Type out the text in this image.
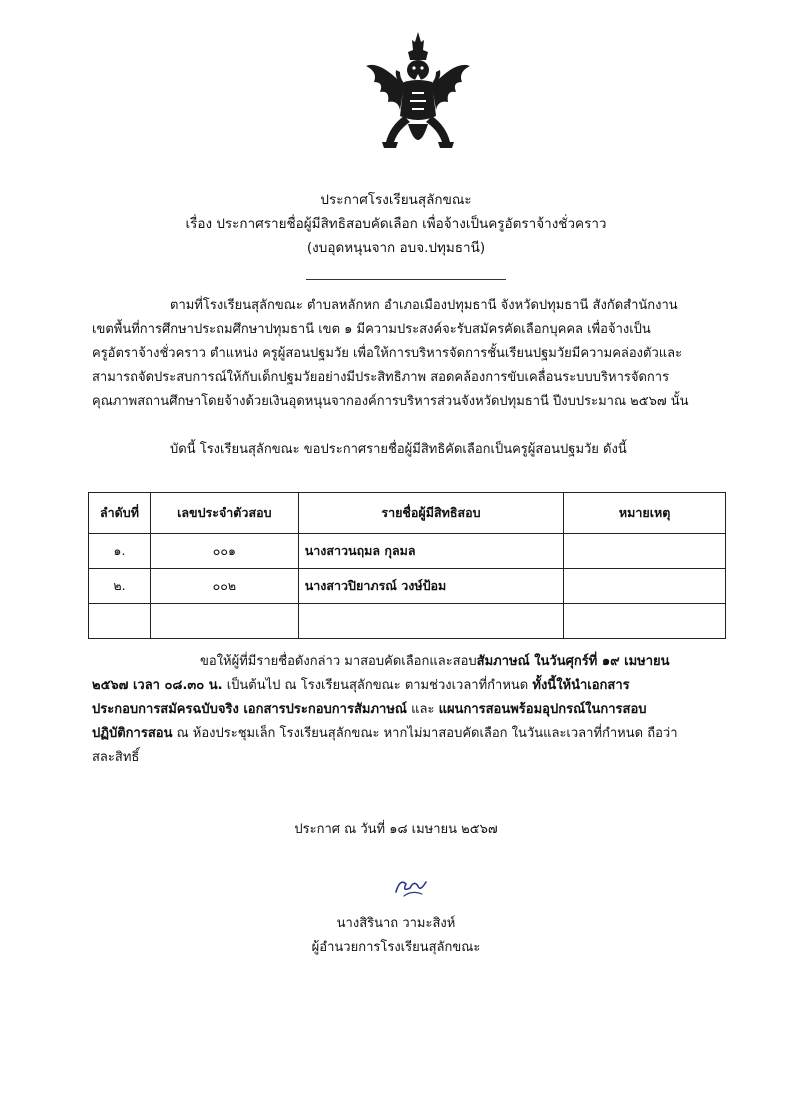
ประกาศโรงเรียนสุลักขณะ
เรื่อง ประกาศรายชื่อผู้มีสิทธิสอบคัดเลือก เพื่อจ้างเป็นครูอัตราจ้างชั่วคราว
(งบอุดหนุนจาก อบจ.ปทุมธานี)
ตามที่โรงเรียนสุลักขณะ ตำบลหลักหก อำเภอเมืองปทุมธานี จังหวัดปทุมธานี สังกัดสำนักงาน
เขตพื้นที่การศึกษาประถมศึกษาปทุมธานี เขต ๑ มีความประสงค์จะรับสมัครคัดเลือกบุคคล เพื่อจ้างเป็น
ครูอัตราจ้างชั่วคราว ตำแหน่ง ครูผู้สอนปฐมวัย เพื่อให้การบริหารจัดการชั้นเรียนปฐมวัยมีความคล่องตัวและ
สามารถจัดประสบการณ์ให้กับเด็กปฐมวัยอย่างมีประสิทธิภาพ สอดคล้องการขับเคลื่อนระบบบริหารจัดการ
คุณภาพสถานศึกษาโดยจ้างด้วยเงินอุดหนุนจากองค์การบริหารส่วนจังหวัดปทุมธานี ปีงบประมาณ ๒๕๖๗ นั้น
บัดนี้ โรงเรียนสุลักขณะ ขอประกาศรายชื่อผู้มีสิทธิคัดเลือกเป็นครูผู้สอนปฐมวัย ดังนี้
ลำดับที่	เลขประจำตัวสอบ	รายชื่อผู้มีสิทธิสอบ	หมายเหตุ
๑.	๐๐๑	นางสาวนฤมล กุลมล	
๒.	๐๐๒	นางสาวปิยาภรณ์ วงษ์ป้อม	

ขอให้ผู้ที่มีรายชื่อดังกล่าว มาสอบคัดเลือกและสอบสัมภาษณ์ ในวันศุกร์ที่ ๑๙ เมษายน
๒๕๖๗ เวลา ๐๘.๓๐ น. เป็นต้นไป ณ โรงเรียนสุลักขณะ ตามช่วงเวลาที่กำหนด ทั้งนี้ให้นำเอกสาร
ประกอบการสมัครฉบับจริง เอกสารประกอบการสัมภาษณ์ และ แผนการสอนพร้อมอุปกรณ์ในการสอบ
ปฏิบัติการสอน ณ ห้องประชุมเล็ก โรงเรียนสุลักขณะ หากไม่มาสอบคัดเลือก ในวันและเวลาที่กำหนด ถือว่า
สละสิทธิ์
ประกาศ ณ วันที่ ๑๘ เมษายน ๒๕๖๗
นางสิรินาถ วามะสิงห์
ผู้อำนวยการโรงเรียนสุลักขณะ
